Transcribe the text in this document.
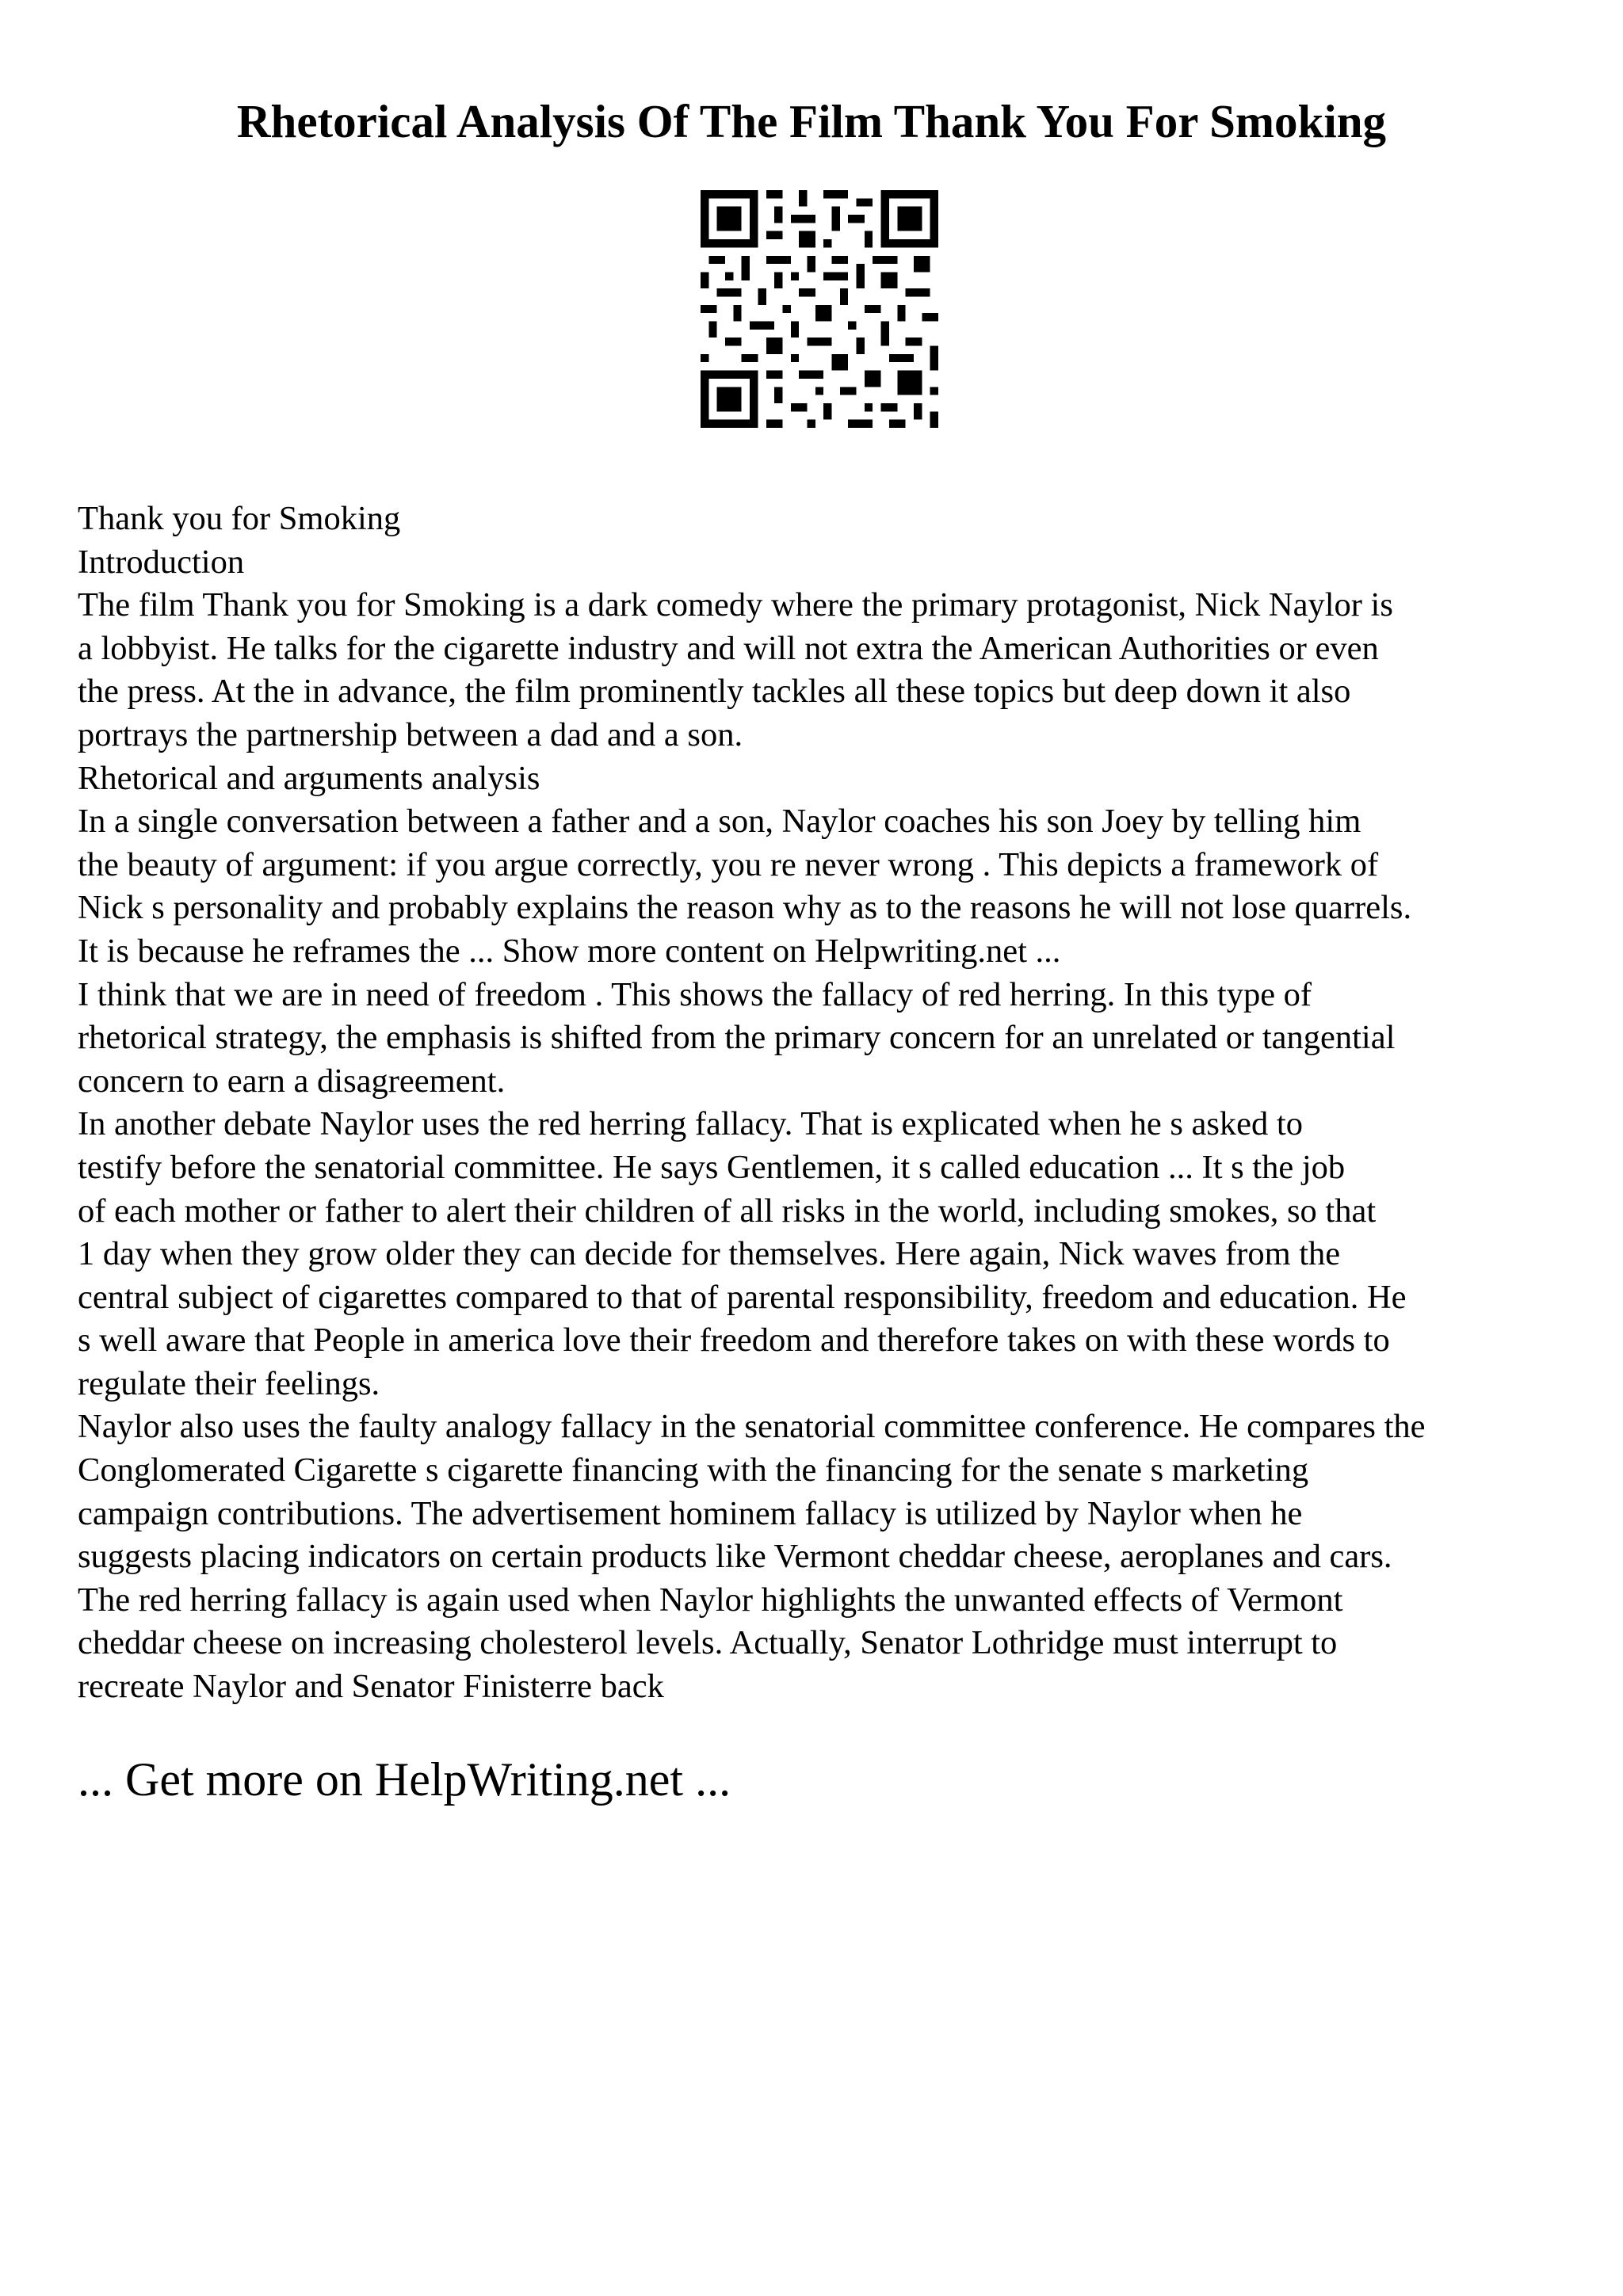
Rhetorical Analysis Of The Film Thank You For Smoking
Thank you for Smoking
Introduction
The film Thank you for Smoking is a dark comedy where the primary protagonist, Nick Naylor is
a lobbyist. He talks for the cigarette industry and will not extra the American Authorities or even
the press. At the in advance, the film prominently tackles all these topics but deep down it also
portrays the partnership between a dad and a son.
Rhetorical and arguments analysis
In a single conversation between a father and a son, Naylor coaches his son Joey by telling him
the beauty of argument: if you argue correctly, you re never wrong . This depicts a framework of
Nick s personality and probably explains the reason why as to the reasons he will not lose quarrels.
It is because he reframes the ... Show more content on Helpwriting.net ...
I think that we are in need of freedom . This shows the fallacy of red herring. In this type of
rhetorical strategy, the emphasis is shifted from the primary concern for an unrelated or tangential
concern to earn a disagreement.
In another debate Naylor uses the red herring fallacy. That is explicated when he s asked to
testify before the senatorial committee. He says Gentlemen, it s called education ... It s the job
of each mother or father to alert their children of all risks in the world, including smokes, so that
1 day when they grow older they can decide for themselves. Here again, Nick waves from the
central subject of cigarettes compared to that of parental responsibility, freedom and education. He
s well aware that People in america love their freedom and therefore takes on with these words to
regulate their feelings.
Naylor also uses the faulty analogy fallacy in the senatorial committee conference. He compares the
Conglomerated Cigarette s cigarette financing with the financing for the senate s marketing
campaign contributions. The advertisement hominem fallacy is utilized by Naylor when he
suggests placing indicators on certain products like Vermont cheddar cheese, aeroplanes and cars.
The red herring fallacy is again used when Naylor highlights the unwanted effects of Vermont
cheddar cheese on increasing cholesterol levels. Actually, Senator Lothridge must interrupt to
recreate Naylor and Senator Finisterre back
... Get more on HelpWriting.net ...
